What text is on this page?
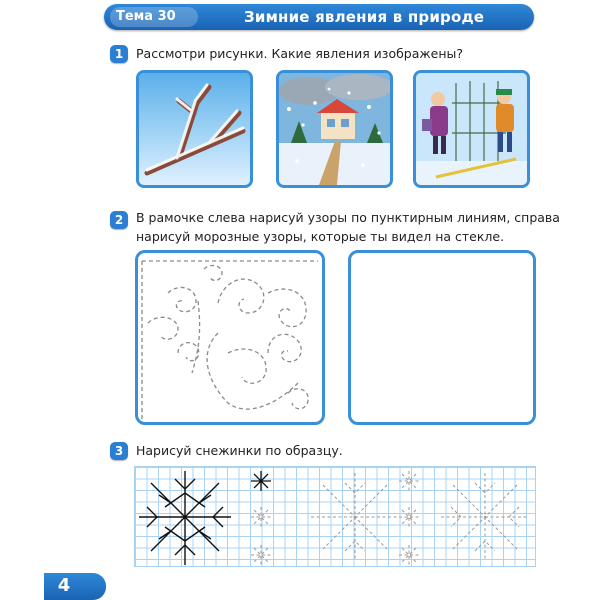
Тема 30	Зимние явления в природе
1	Рассмотри рисунки. Какие явления изображены?
2	В рамочке слева нарисуй узоры по пунктирным линиям, справа
нарисуй морозные узоры, которые ты видел на стекле.
3	Нарисуй снежинки по образцу.
4
